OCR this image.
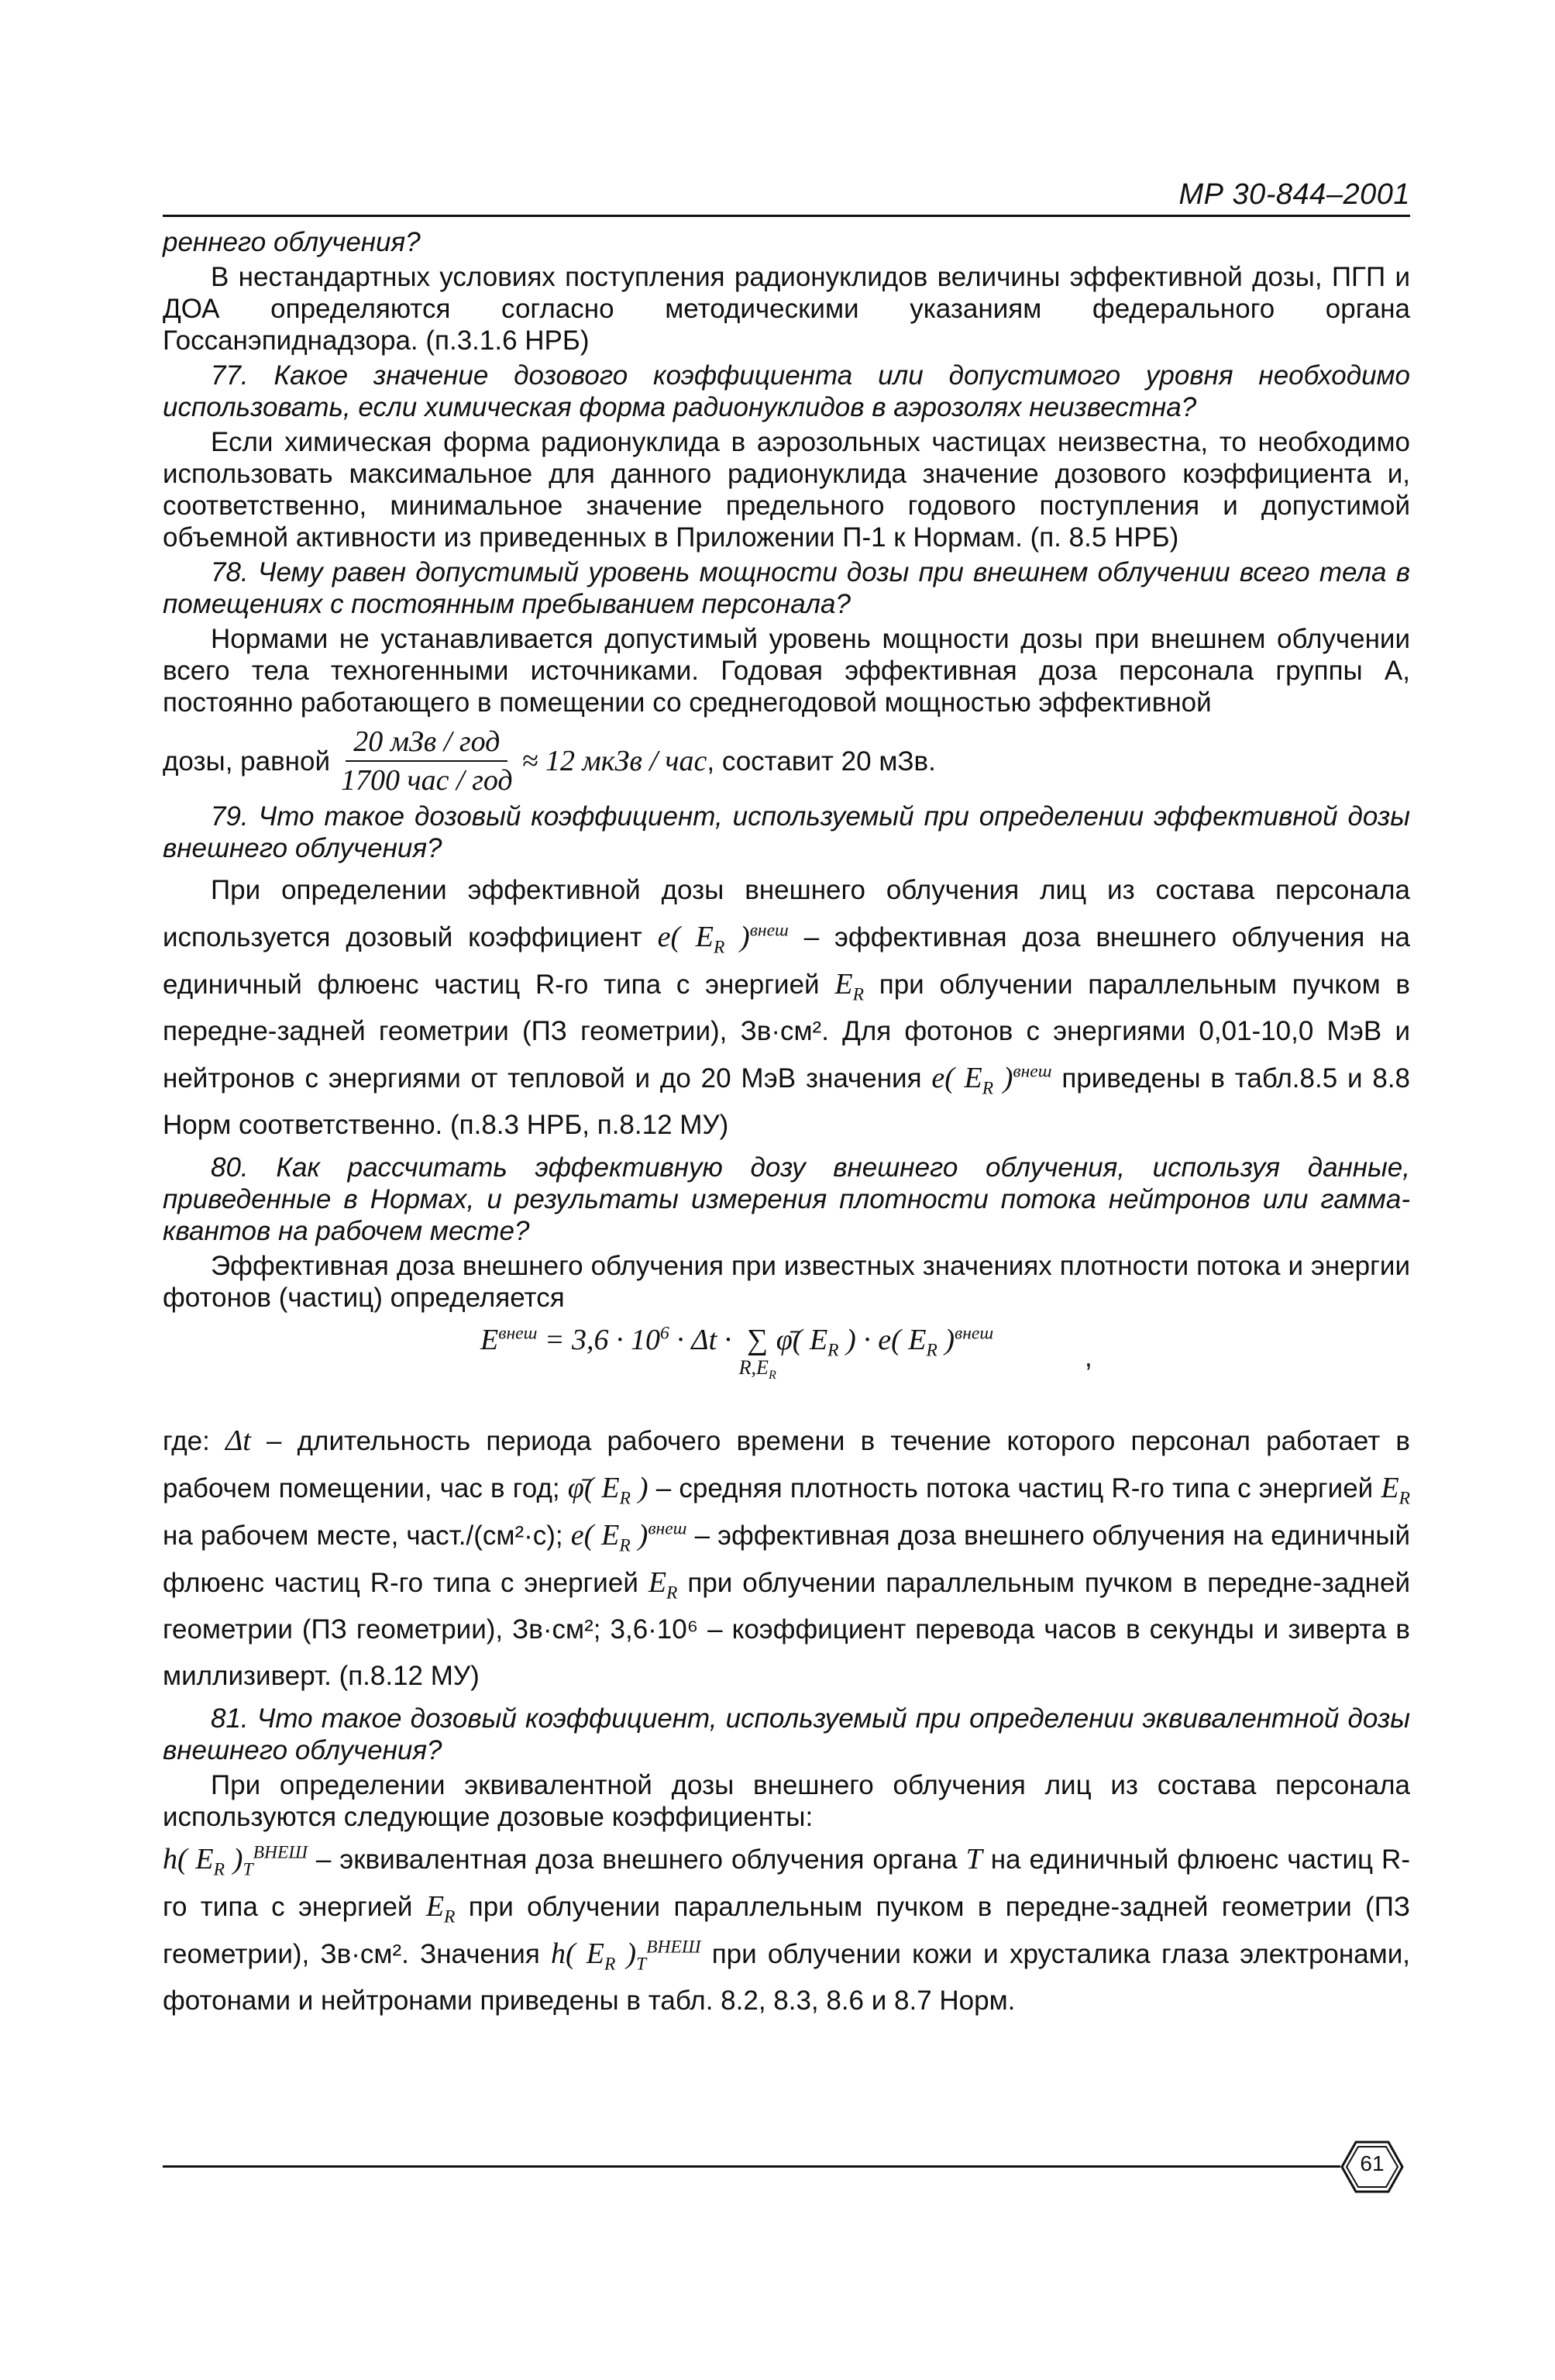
МР 30-844–2001

реннего облучения?

В нестандартных условиях поступления радионуклидов величины эффективной дозы, ПГП и ДОА определяются согласно методическими указаниям федерального органа Госсанэпиднадзора. (п.3.1.6 НРБ)

77. Какое значение дозового коэффициента или допустимого уровня необходимо использовать, если химическая форма радионуклидов в аэрозолях неизвестна?

Если химическая форма радионуклида в аэрозольных частицах неизвестна, то необходимо использовать максимальное для данного радионуклида значение дозового коэффициента и, соответственно, минимальное значение предельного годового поступления и допустимой объемной активности из приведенных в Приложении П-1 к Нормам. (п. 8.5 НРБ)

78. Чему равен допустимый уровень мощности дозы при внешнем облучении всего тела в помещениях с постоянным пребыванием персонала?

Нормами не устанавливается допустимый уровень мощности дозы при внешнем облучении всего тела техногенными источниками. Годовая эффективная доза персонала группы А, постоянно работающего в помещении со среднегодовой мощностью эффективной

дозы, равной $\frac{\text{20 мЗв / год}}{\text{1700 час / год}} \approx 12$ мкЗв / час , составит 20 мЗв.

79. Что такое дозовый коэффициент, используемый при определении эффективной дозы внешнего облучения?

При определении эффективной дозы внешнего облучения лиц из состава персонала используется дозовый коэффициент e( $E_R$ )$^{внеш}$ – эффективная доза внешнего облучения на единичный флюенс частиц R-го типа с энергией $E_R$ при облучении параллельным пучком в передне-задней геометрии (ПЗ геометрии), Зв·см². Для фотонов с энергиями 0,01-10,0 МэВ и нейтронов с энергиями от тепловой и до 20 МэВ значения e( $E_R$ )$^{внеш}$ приведены в табл.8.5 и 8.8 Норм соответственно. (п.8.3 НРБ, п.8.12 МУ)

80. Как рассчитать эффективную дозу внешнего облучения, используя данные, приведенные в Нормах, и результаты измерения плотности потока нейтронов или гамма-квантов на рабочем месте?

Эффективная доза внешнего облучения при известных значениях плотности потока и энергии фотонов (частиц) определяется

$E^{внеш} = 3,6 \cdot 10^6 \cdot \Delta t$ · ∑
$R,E_R$
φ̄( $E_R$ ) · e( $E_R$ )$^{внеш}$
,

где: Δt – длительность периода рабочего времени в течение которого персонал работает в рабочем помещении, час в год; φ̄( $E_R$ ) – средняя плотность потока частиц R-го типа с энергией $E_R$ на рабочем месте, част./(см²·с); e( $E_R$ )$^{внеш}$ – эффективная доза внешнего облучения на единичный флюенс частиц R-го типа с энергией $E_R$ при облучении параллельным пучком в передне-задней геометрии (ПЗ геометрии), Зв·см²; 3,6·10⁶ – коэффициент перевода часов в секунды и зиверта в миллизиверт. (п.8.12 МУ)

81. Что такое дозовый коэффициент, используемый при определении эквивалентной дозы внешнего облучения?

При определении эквивалентной дозы внешнего облучения лиц из состава персонала используются следующие дозовые коэффициенты:

h( $E_R$ )$_T^{ВНЕШ}$ – эквивалентная доза внешнего облучения органа T на единичный флюенс частиц R-го типа с энергией $E_R$ при облучении параллельным пучком в передне-задней геометрии (ПЗ геометрии), Зв·см². Значения h( $E_R$ )$_T^{ВНЕШ}$ при облучении кожи и хрусталика глаза электронами, фотонами и нейтронами приведены в табл. 8.2, 8.3, 8.6 и 8.7 Норм.

61
